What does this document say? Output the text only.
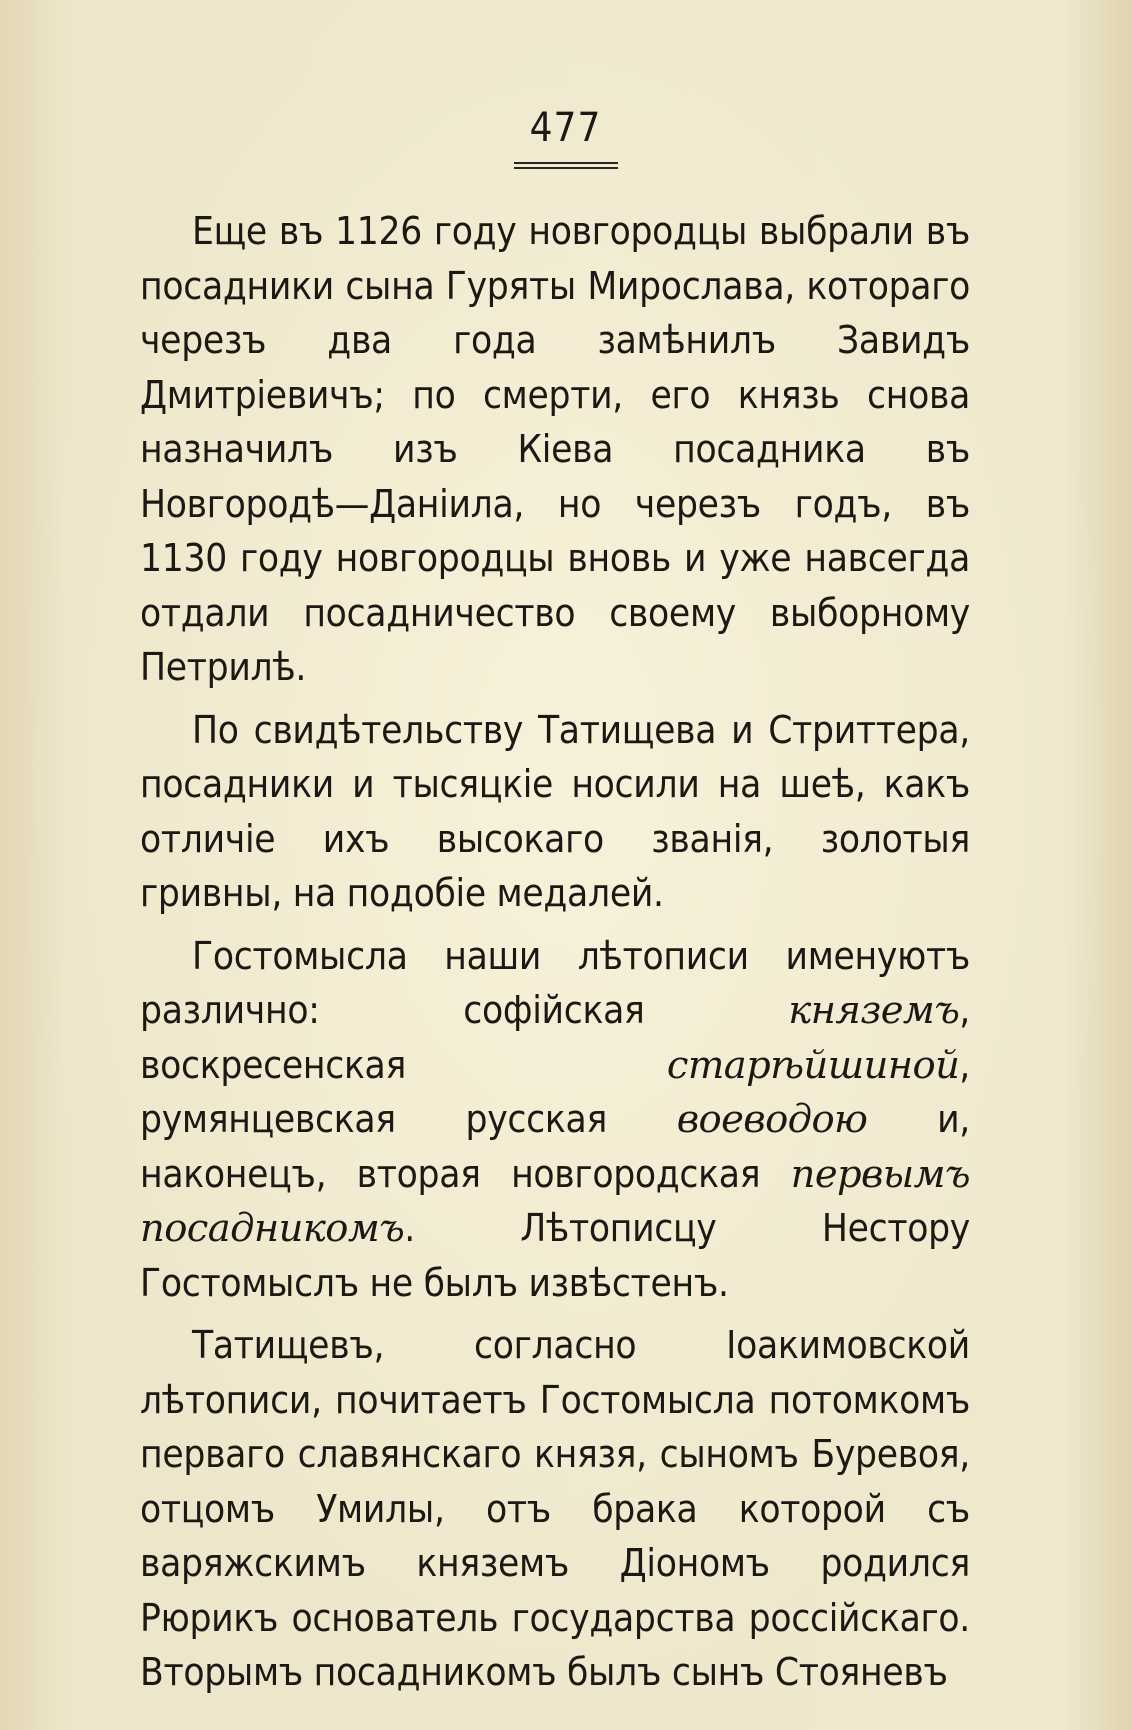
477

Еще въ 1126 году новгородцы выбрали въ посадники сына Гуряты Мирослава, котораго черезъ два года замѣнилъ Завидъ Дмитріевичъ; по смерти, его князь снова назначилъ изъ Кіева посадника въ Новгородѣ—Даніила, но черезъ годъ, въ 1130 году новгородцы вновь и уже навсегда отдали посадничество своему выборному Петрилѣ.

По свидѣтельству Татищева и Стриттера, посадники и тысяцкіе носили на шеѣ, какъ отличіе ихъ высокаго званія, золотыя гривны, на подобіе медалей.

Гостомысла наши лѣтописи именуютъ различно: софійская княземъ, воскресенская старѣйшиной, румянцевская русская воеводою и, наконецъ, вторая новгородская первымъ посадникомъ. Лѣтописцу Нестору Гостомыслъ не былъ извѣстенъ.

Татищевъ, согласно Іоакимовской лѣтописи, почитаетъ Гостомысла потомкомъ перваго славянскаго князя, сыномъ Буревоя, отцомъ Умилы, отъ брака которой съ варяжскимъ княземъ Діономъ родился Рюрикъ основатель государства россійскаго. Вторымъ посадникомъ былъ сынъ Стояневъ
